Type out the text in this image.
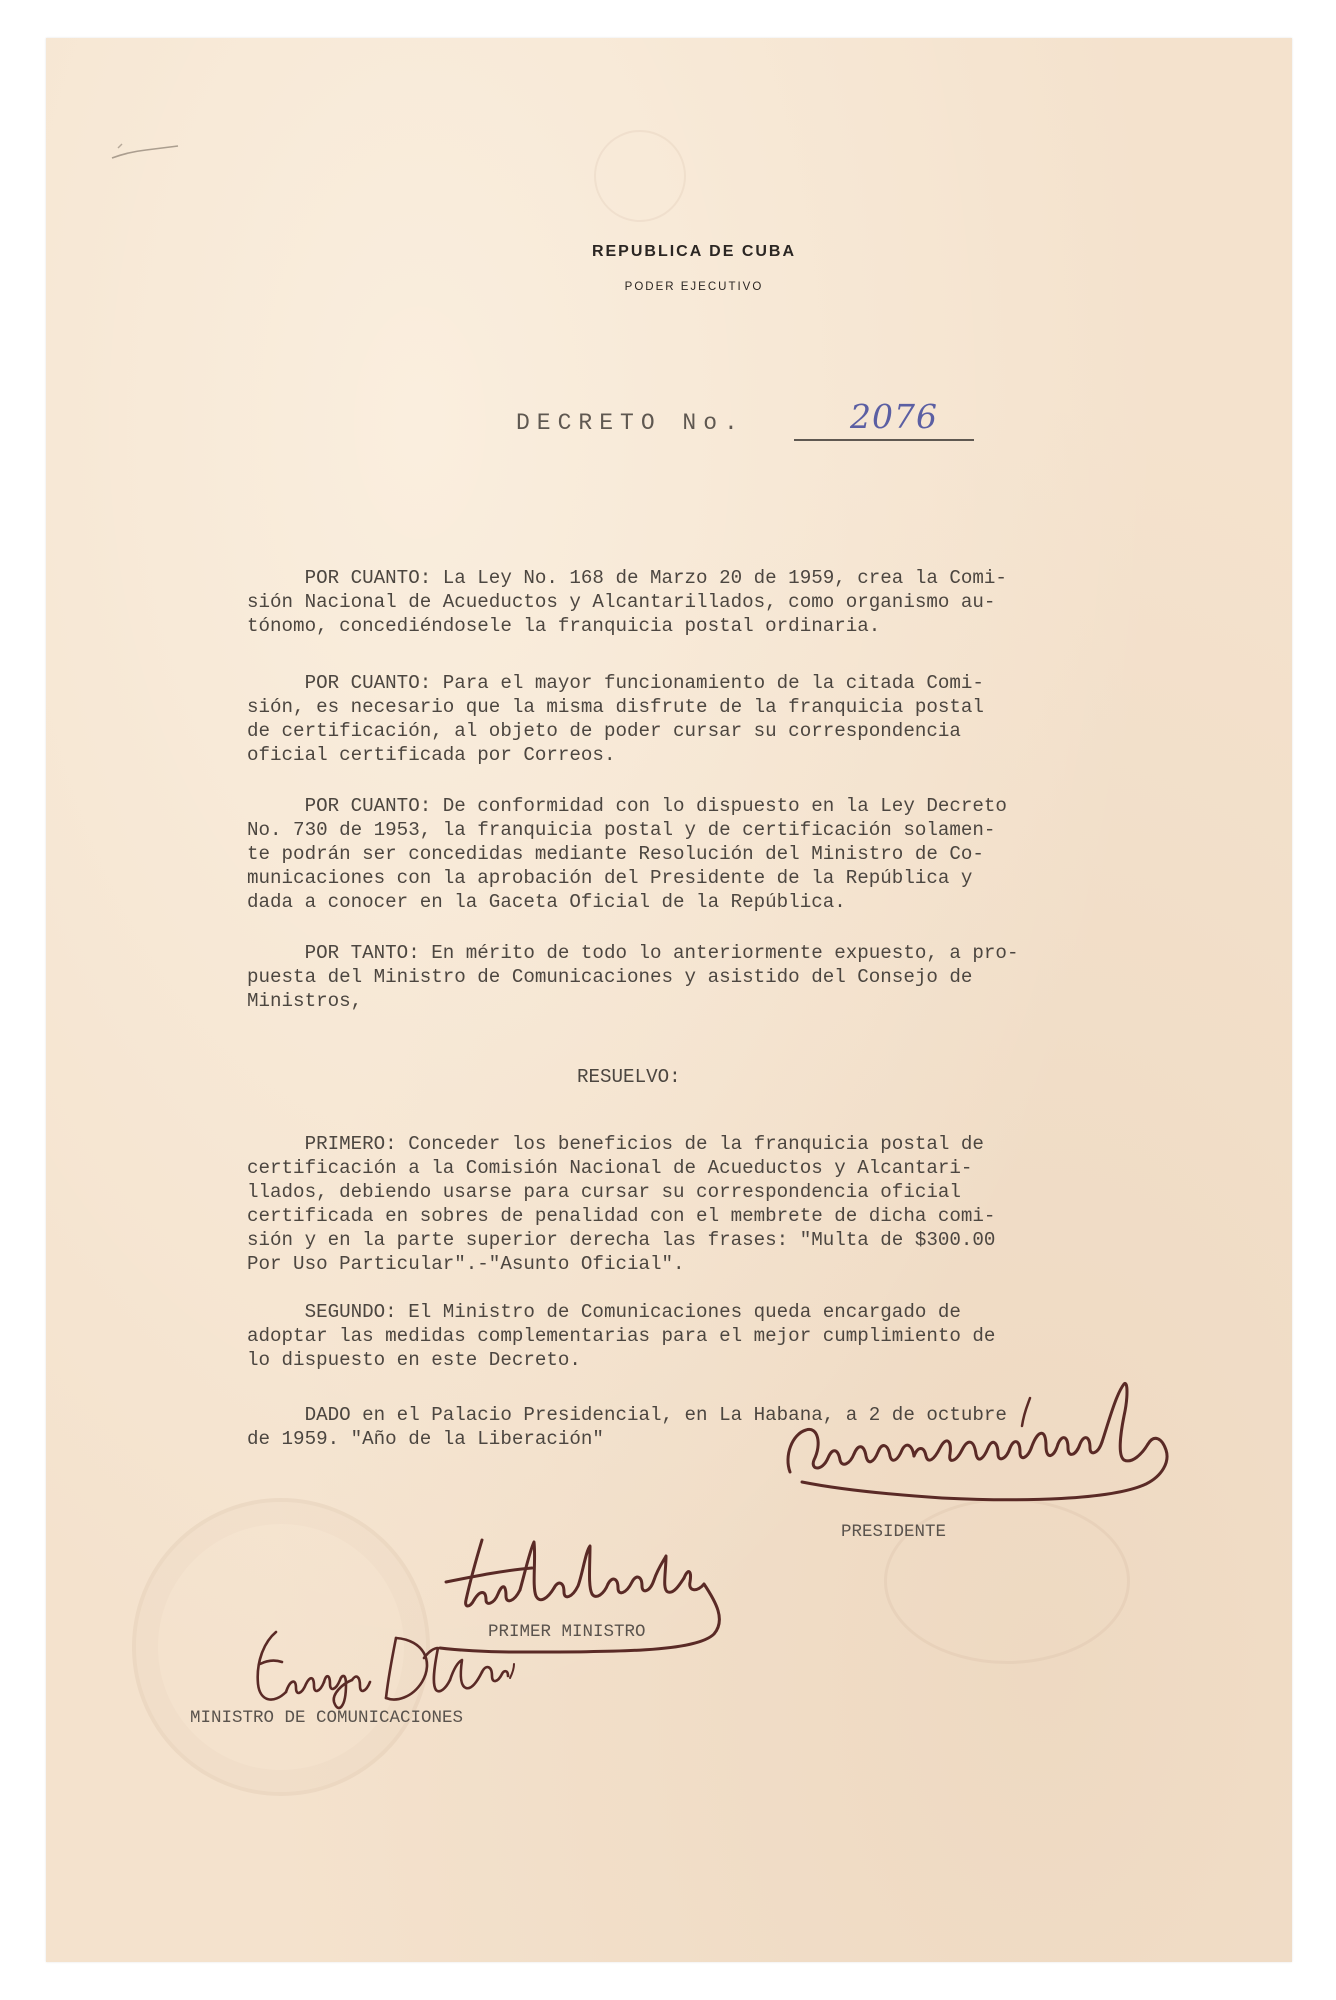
REPUBLICA DE CUBA
PODER EJECUTIVO
DECRETO No.	2076
POR CUANTO: La Ley No. 168 de Marzo 20 de 1959, crea la Comi-
sión Nacional de Acueductos y Alcantarillados, como organismo au-
tónomo, concediéndosele la franquicia postal ordinaria.
POR CUANTO: Para el mayor funcionamiento de la citada Comi-
sión, es necesario que la misma disfrute de la franquicia postal
de certificación, al objeto de poder cursar su correspondencia
oficial certificada por Correos.
POR CUANTO: De conformidad con lo dispuesto en la Ley Decreto
No. 730 de 1953, la franquicia postal y de certificación solamen-
te podrán ser concedidas mediante Resolución del Ministro de Co-
municaciones con la aprobación del Presidente de la República y
dada a conocer en la Gaceta Oficial de la República.
POR TANTO: En mérito de todo lo anteriormente expuesto, a pro-
puesta del Ministro de Comunicaciones y asistido del Consejo de
Ministros,
RESUELVO:
PRIMERO: Conceder los beneficios de la franquicia postal de
certificación a la Comisión Nacional de Acueductos y Alcantari-
llados, debiendo usarse para cursar su correspondencia oficial
certificada en sobres de penalidad con el membrete de dicha comi-
sión y en la parte superior derecha las frases: "Multa de $300.00
Por Uso Particular".-"Asunto Oficial".
SEGUNDO: El Ministro de Comunicaciones queda encargado de
adoptar las medidas complementarias para el mejor cumplimiento de
lo dispuesto en este Decreto.
DADO en el Palacio Presidencial, en La Habana, a 2 de octubre
de 1959. "Año de la Liberación"
PRESIDENTE
PRIMER MINISTRO
MINISTRO DE COMUNICACIONES
